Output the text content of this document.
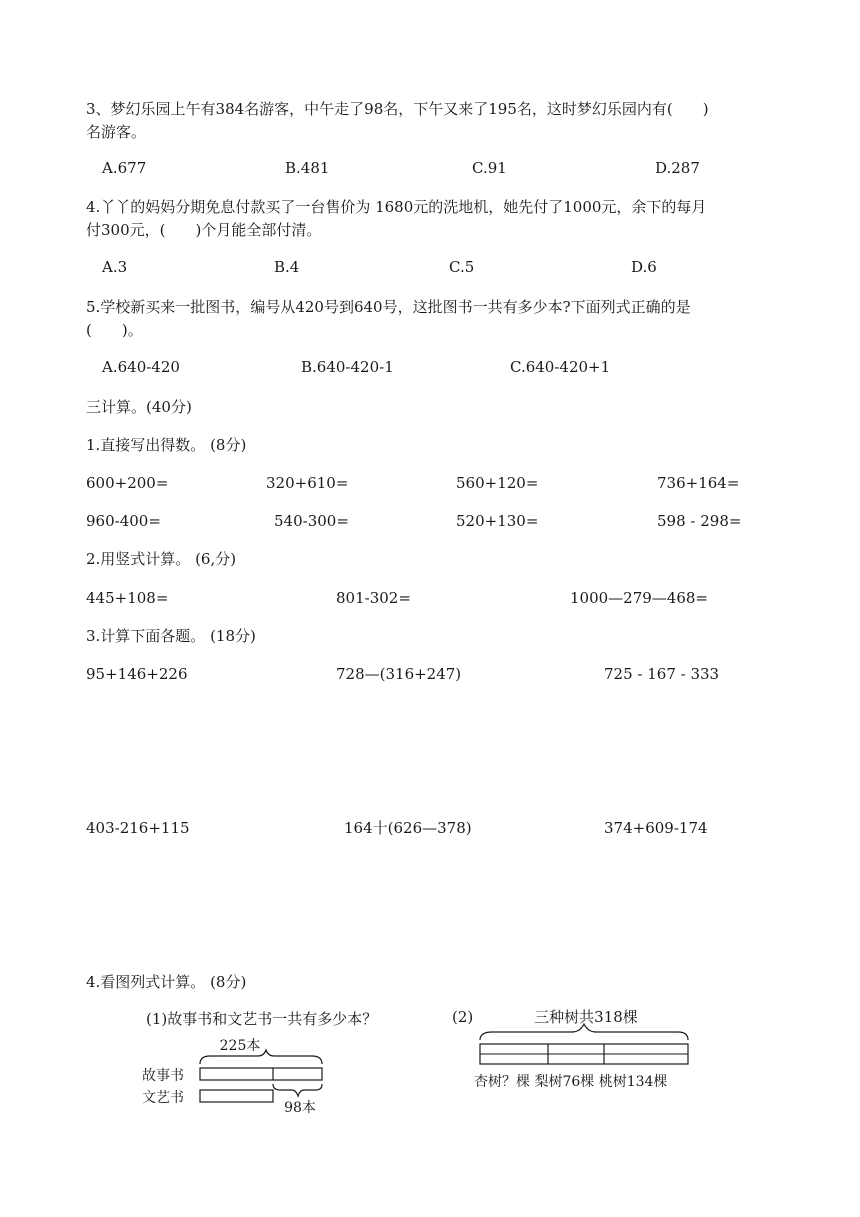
3、梦幻乐园上午有384名游客，中午走了98名，下午又来了195名，这时梦幻乐园内有(　　)
名游客。
A.677	B.481	C.91	D.287
4.丫丫的妈妈分期免息付款买了一台售价为 1680元的洗地机，她先付了1000元，余下的每月
付300元，(　　)个月能全部付清。
A.3	B.4	C.5	D.6
5.学校新买来一批图书，编号从420号到640号，这批图书一共有多少本?下面列式正确的是
(　　)。
A.640-420	B.640-420-1	C.640-420+1
三计算。(40分)
1.直接写出得数。 (8分)
600+200=	320+610=	560+120=	736+164=
960-400=	540-300=	520+130=	598 - 298=
2.用竖式计算。 (6,分)
445+108=	801-302=	1000—279—468=
3.计算下面各题。 (18分)
95+146+226	728—(316+247)	725 - 167 - 333
403-216+115	164十(626—378)	374+609-174
4.看图列式计算。 (8分)
(1)故事书和文艺书一共有多少本？
225本
故事书
文艺书
98本
(2)	三种树共318棵
杏树？棵 梨树76棵 桃树134棵
